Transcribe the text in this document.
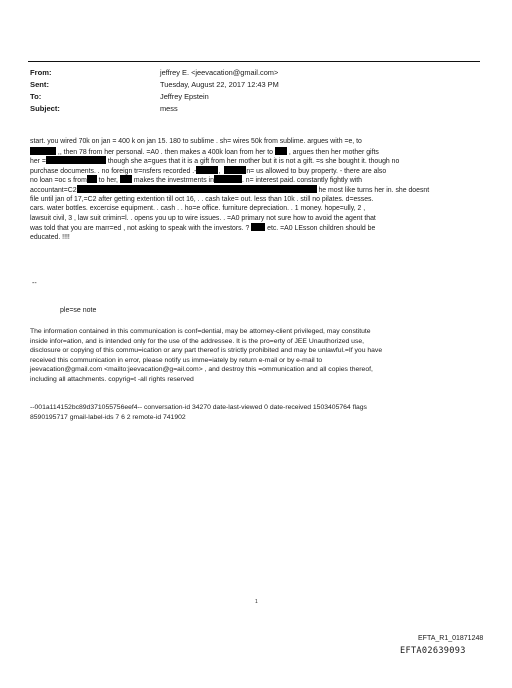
From:	jeffrey E. <jeevacation@gmail.com>
Sent:	Tuesday, August 22, 2017 12:43 PM
To:	Jeffrey Epstein
Subject:	mess
start. you wired 70k on jan = 400 k on jan 15. 180 to sublime . sh= wires 50k from sublime. argues with =e, to
,, then 78 from her personal. =A0 . then makes a 400k loan from her to  , argues then her mother gifts
her =	though she a=gues that it is a gift from her mother but it is not a gift. =s she bought it. though no
purchase documents. . no foreign tr=nsfers recorded .-	,	n= us allowed to buy property. - there are also
no loan =oc s from to her, makes the investrments in	. n= interest paid. constantly fightly with
accountant=C2	he most like turns her in. she doesnt
file until jan of 17,=C2 after getting extention till oct 16, . . cash take= out. less than 10k . still no pilates. d=esses.
cars. water bottles. excercise equipment. . cash . . ho=e office. furniture depreciation. . 1 money. hope=ully, 2 ,
lawsuit civil, 3 , law suit crimin=l. . opens you up to wire issues. . =A0 primary not sure how to avoid the agent that
was told that you are marr=ed , not asking to speak with the investors. ?  etc. =A0 LEsson children should be
educated. !!!!
--
ple=se note
The information contained in this communication is conf=dential, may be attorney-client privileged, may constitute
inside infor=ation, and is intended only for the use of the addressee. It is the pro=erty of JEE Unauthorized use,
disclosure or copying of this commu=ication or any part thereof is strictly prohibited and may be unlawful.=If you have
received this communication in error, please notify us imme=iately by return e-mail or by e-mail to
jeevacation@gmail.com <mailto:jeevacation@g=ail.com> , and destroy this =ommunication and all copies thereof,
including all attachments. copyrig=t -all rights reserved
--001a114152bc89d371055756eef4-- conversation-id 34270 date-last-viewed 0 date-received 1503405764 flags
8590195717 gmail-label-ids 7 6 2 remote-id 741902
1
EFTA_R1_01871248
EFTA02639093
